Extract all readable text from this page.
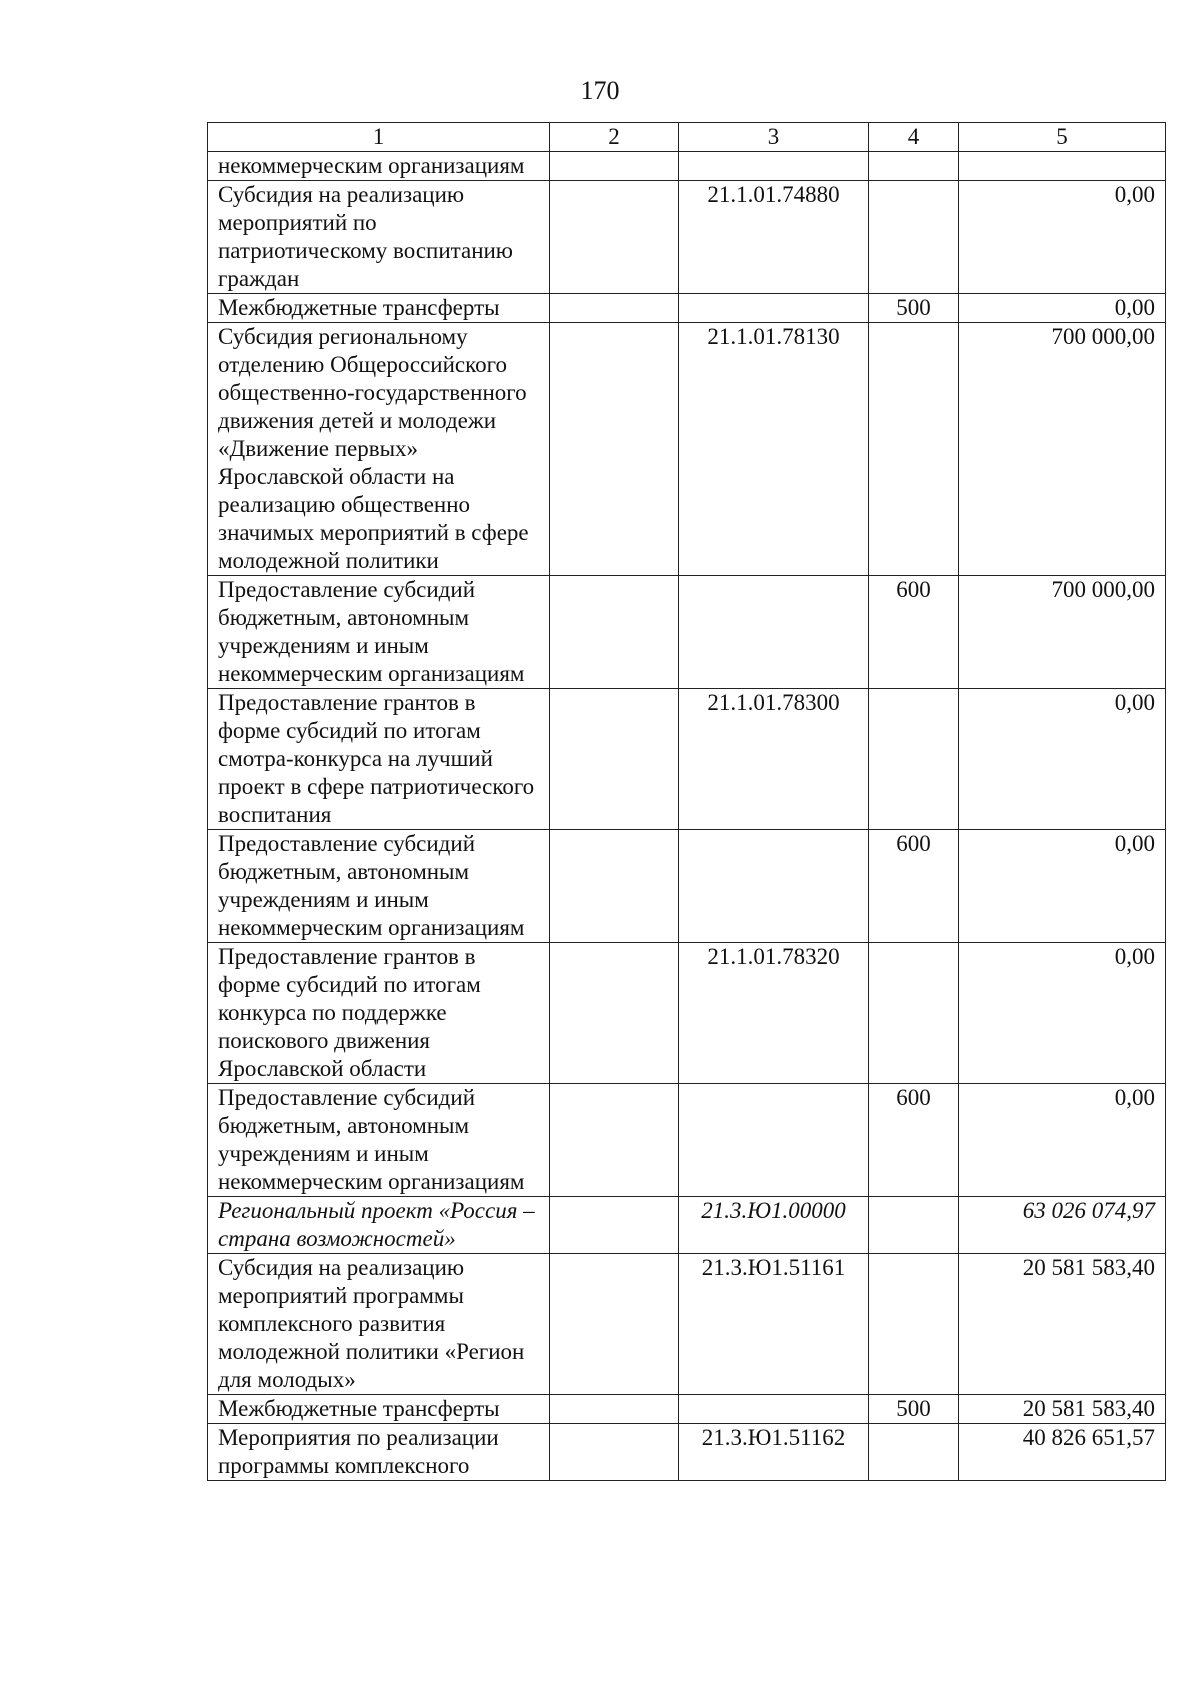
170
1	2	3	4	5
некоммерческим организациям				
Субсидия на реализацию мероприятий по патриотическому воспитанию граждан		21.1.01.74880		0,00
Межбюджетные трансферты			500	0,00
Субсидия региональному отделению Общероссийского общественно-государственного движения детей и молодежи «Движение первых» Ярославской области на реализацию общественно значимых мероприятий в сфере молодежной политики		21.1.01.78130		700 000,00
Предоставление субсидий бюджетным, автономным учреждениям и иным некоммерческим организациям			600	700 000,00
Предоставление грантов в форме субсидий по итогам смотра-конкурса на лучший проект в сфере патриотического воспитания		21.1.01.78300		0,00
Предоставление субсидий бюджетным, автономным учреждениям и иным некоммерческим организациям			600	0,00
Предоставление грантов в форме субсидий по итогам конкурса по поддержке поискового движения Ярославской области		21.1.01.78320		0,00
Предоставление субсидий бюджетным, автономным учреждениям и иным некоммерческим организациям			600	0,00
Региональный проект «Россия – страна возможностей»		21.3.Ю1.00000		63 026 074,97
Субсидия на реализацию мероприятий программы комплексного развития молодежной политики «Регион для молодых»		21.3.Ю1.51161		20 581 583,40
Межбюджетные трансферты			500	20 581 583,40
Мероприятия по реализации программы комплексного		21.3.Ю1.51162		40 826 651,57
